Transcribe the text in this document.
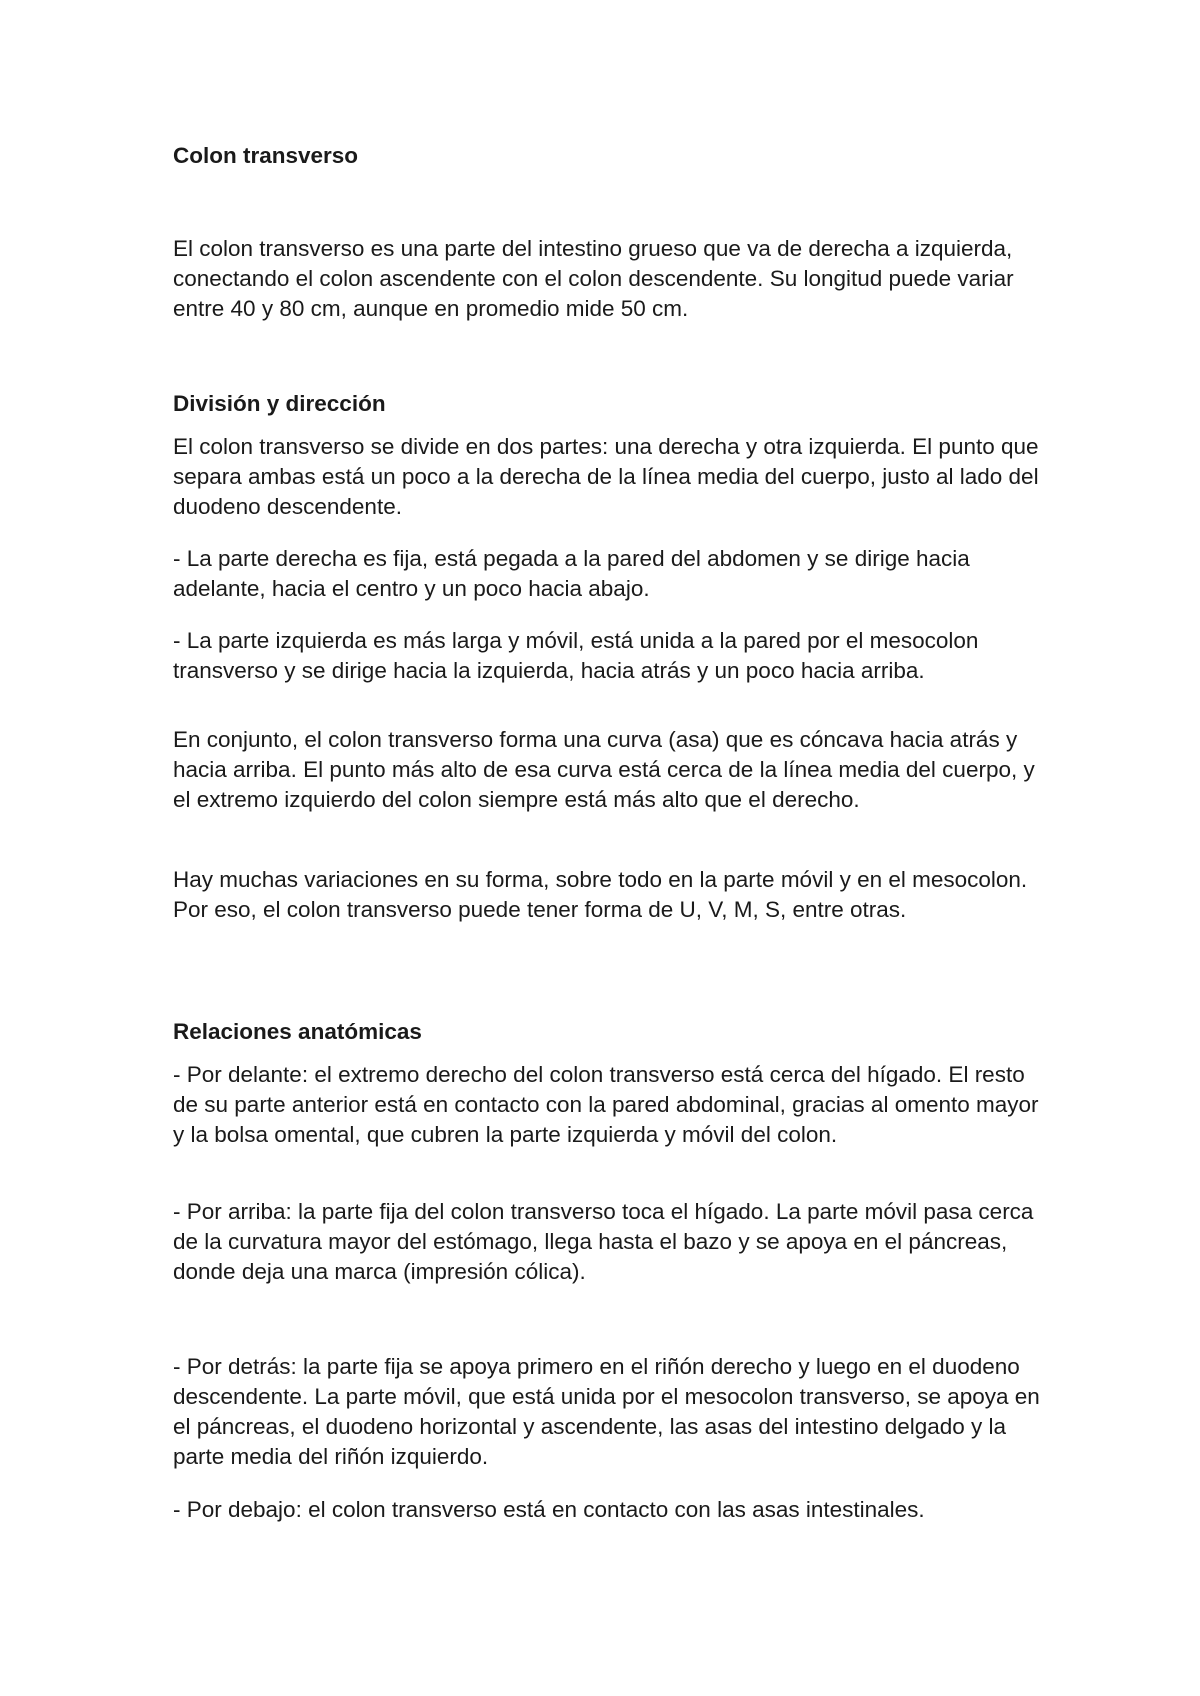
Colon transverso

El colon transverso es una parte del intestino grueso que va de derecha a izquierda, conectando el colon ascendente con el colon descendente. Su longitud puede variar entre 40 y 80 cm, aunque en promedio mide 50 cm.

División y dirección

El colon transverso se divide en dos partes: una derecha y otra izquierda. El punto que separa ambas está un poco a la derecha de la línea media del cuerpo, justo al lado del duodeno descendente.

- La parte derecha es fija, está pegada a la pared del abdomen y se dirige hacia adelante, hacia el centro y un poco hacia abajo.

- La parte izquierda es más larga y móvil, está unida a la pared por el mesocolon transverso y se dirige hacia la izquierda, hacia atrás y un poco hacia arriba.

En conjunto, el colon transverso forma una curva (asa) que es cóncava hacia atrás y hacia arriba. El punto más alto de esa curva está cerca de la línea media del cuerpo, y el extremo izquierdo del colon siempre está más alto que el derecho.

Hay muchas variaciones en su forma, sobre todo en la parte móvil y en el mesocolon. Por eso, el colon transverso puede tener forma de U, V, M, S, entre otras.

Relaciones anatómicas

- Por delante: el extremo derecho del colon transverso está cerca del hígado. El resto de su parte anterior está en contacto con la pared abdominal, gracias al omento mayor y la bolsa omental, que cubren la parte izquierda y móvil del colon.

- Por arriba: la parte fija del colon transverso toca el hígado. La parte móvil pasa cerca de la curvatura mayor del estómago, llega hasta el bazo y se apoya en el páncreas, donde deja una marca (impresión cólica).

- Por detrás: la parte fija se apoya primero en el riñón derecho y luego en el duodeno descendente. La parte móvil, que está unida por el mesocolon transverso, se apoya en el páncreas, el duodeno horizontal y ascendente, las asas del intestino delgado y la parte media del riñón izquierdo.

- Por debajo: el colon transverso está en contacto con las asas intestinales.
